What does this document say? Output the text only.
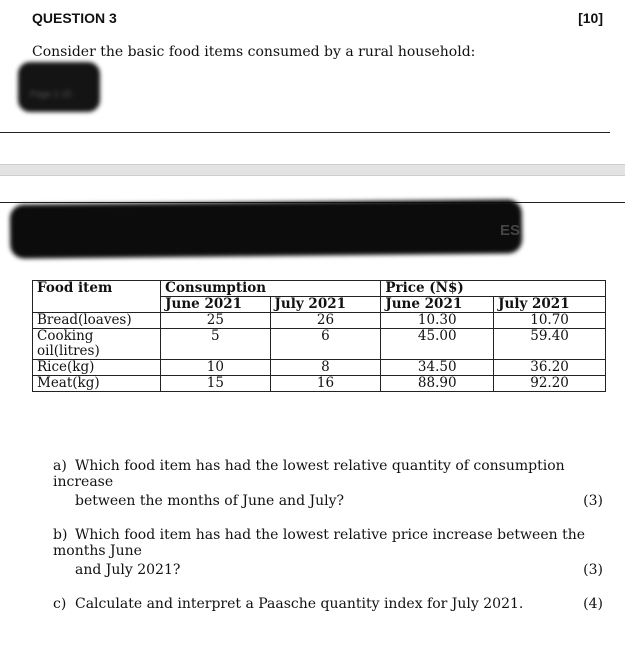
QUESTION 3	[10]
Consider the basic food items consumed by a rural household:
Page 1-15
ES
Food item	Consumption		Price (N$)	
	June 2021	July 2021	June 2021	July 2021
Bread(loaves)	25	26	10.30	10.70
Cooking oil(litres)	5	6	45.00	59.40
Rice(kg)	10	8	34.50	36.20
Meat(kg)	15	16	88.90	92.20
a) Which food item has had the lowest relative quantity of consumption increase
between the months of June and July?	(3)
b) Which food item has had the lowest relative price increase between the months June
and July 2021?	(3)
c) Calculate and interpret a Paasche quantity index for July 2021.	(4)
